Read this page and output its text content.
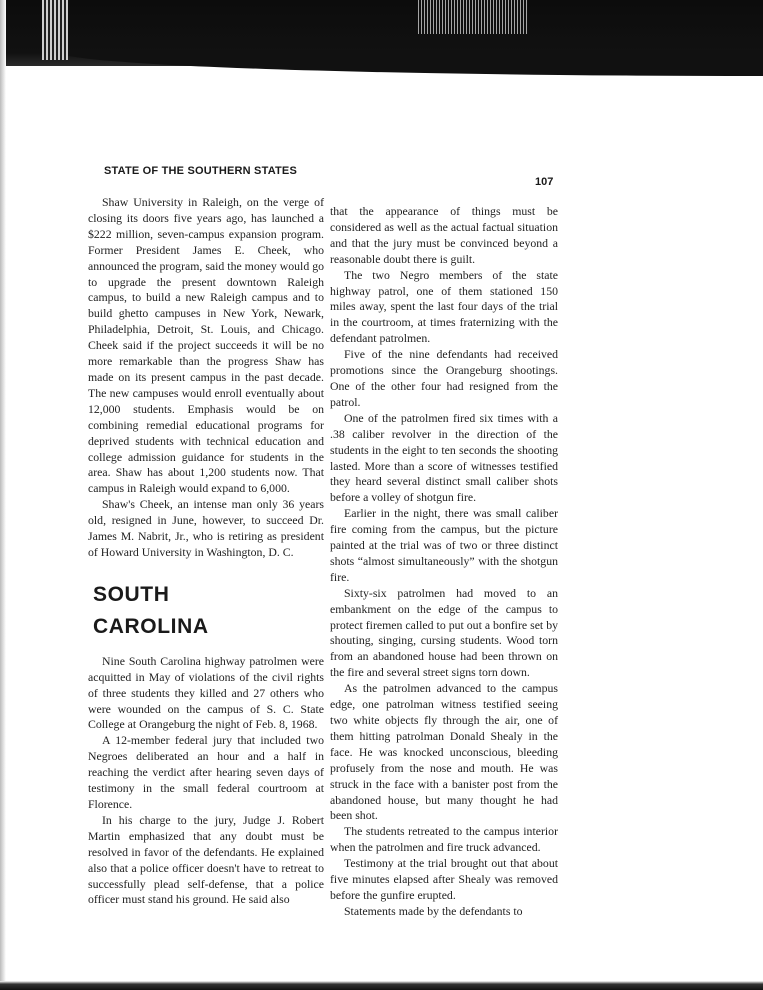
STATE OF THE SOUTHERN STATES
107

Shaw University in Raleigh, on the verge of closing its doors five years ago, has launched a $222 million, seven-campus expansion program. Former President James E. Cheek, who announced the program, said the money would go to upgrade the present downtown Raleigh campus, to build a new Raleigh campus and to build ghetto campuses in New York, Newark, Philadelphia, Detroit, St. Louis, and Chicago. Cheek said if the project succeeds it will be no more remarkable than the progress Shaw has made on its present campus in the past decade. The new campuses would enroll eventually about 12,000 students. Emphasis would be on combining remedial educational programs for deprived students with technical education and college admission guidance for students in the area. Shaw has about 1,200 students now. That campus in Raleigh would expand to 6,000.

Shaw's Cheek, an intense man only 36 years old, resigned in June, however, to succeed Dr. James M. Nabrit, Jr., who is retiring as president of Howard University in Washington, D. C.

SOUTH
CAROLINA

Nine South Carolina highway patrolmen were acquitted in May of violations of the civil rights of three students they killed and 27 others who were wounded on the campus of S. C. State College at Orangeburg the night of Feb. 8, 1968.

A 12-member federal jury that included two Negroes deliberated an hour and a half in reaching the verdict after hearing seven days of testimony in the small federal courtroom at Florence.

In his charge to the jury, Judge J. Robert Martin emphasized that any doubt must be resolved in favor of the defendants. He explained also that a police officer doesn't have to retreat to successfully plead self-defense, that a police officer must stand his ground. He said also

that the appearance of things must be considered as well as the actual factual situation and that the jury must be convinced beyond a reasonable doubt there is guilt.

The two Negro members of the state highway patrol, one of them stationed 150 miles away, spent the last four days of the trial in the courtroom, at times fraternizing with the defendant patrolmen.

Five of the nine defendants had received promotions since the Orangeburg shootings. One of the other four had resigned from the patrol.

One of the patrolmen fired six times with a .38 caliber revolver in the direction of the students in the eight to ten seconds the shooting lasted. More than a score of witnesses testified they heard several distinct small caliber shots before a volley of shotgun fire.

Earlier in the night, there was small caliber fire coming from the campus, but the picture painted at the trial was of two or three distinct shots “almost simultaneously” with the shotgun fire.

Sixty-six patrolmen had moved to an embankment on the edge of the campus to protect firemen called to put out a bonfire set by shouting, singing, cursing students. Wood torn from an abandoned house had been thrown on the fire and several street signs torn down.

As the patrolmen advanced to the campus edge, one patrolman witness testified seeing two white objects fly through the air, one of them hitting patrolman Donald Shealy in the face. He was knocked unconscious, bleeding profusely from the nose and mouth. He was struck in the face with a banister post from the abandoned house, but many thought he had been shot.

The students retreated to the campus interior when the patrolmen and fire truck advanced.

Testimony at the trial brought out that about five minutes elapsed after Shealy was removed before the gunfire erupted.

Statements made by the defendants to
